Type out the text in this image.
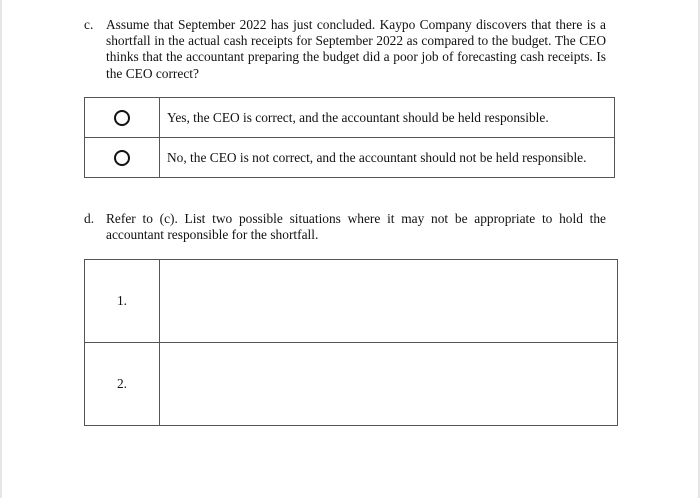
c. Assume that September 2022 has just concluded. Kaypo Company discovers that there is a shortfall in the actual cash receipts for September 2022 as compared to the budget. The CEO thinks that the accountant preparing the budget did a poor job of forecasting cash receipts. Is the CEO correct?
	Yes, the CEO is correct, and the accountant should be held responsible.
	No, the CEO is not correct, and the accountant should not be held responsible.
d. Refer to (c). List two possible situations where it may not be appropriate to hold the accountant responsible for the shortfall.
1.	
2.	
